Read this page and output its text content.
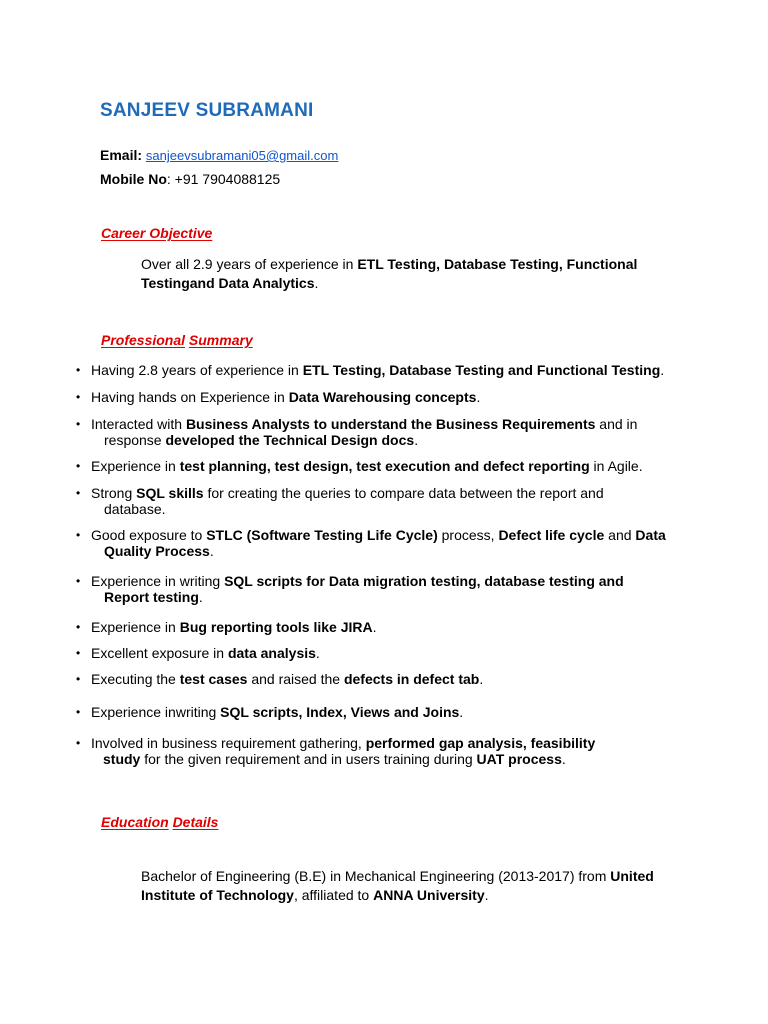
SANJEEV SUBRAMANI
Email: sanjeevsubramani05@gmail.com
Mobile No: +91 7904088125
Career Objective
Over all 2.9 years of experience in ETL Testing, Database Testing, Functional
Testingand Data Analytics.
Professional Summary
• Having 2.8 years of experience in ETL Testing, Database Testing and Functional Testing.
• Having hands on Experience in Data Warehousing concepts.
• Interacted with Business Analysts to understand the Business Requirements and in
response developed the Technical Design docs.
• Experience in test planning, test design, test execution and defect reporting in Agile.
• Strong SQL skills for creating the queries to compare data between the report and
database.
• Good exposure to STLC (Software Testing Life Cycle) process, Defect life cycle and Data
Quality Process.
• Experience in writing SQL scripts for Data migration testing, database testing and
Report testing.
• Experience in Bug reporting tools like JIRA.
• Excellent exposure in data analysis.
• Executing the test cases and raised the defects in defect tab.
• Experience inwriting SQL scripts, Index, Views and Joins.
• Involved in business requirement gathering, performed gap analysis, feasibility
study for the given requirement and in users training during UAT process.
Education Details
Bachelor of Engineering (B.E) in Mechanical Engineering (2013-2017) from United
Institute of Technology, affiliated to ANNA University.
